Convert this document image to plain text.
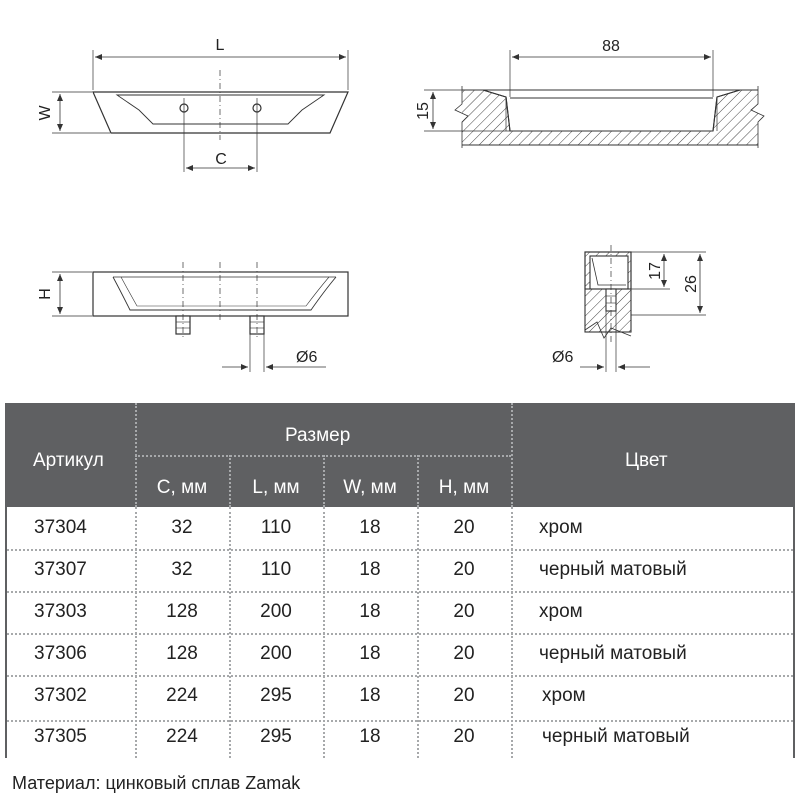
L
W
C
88
15
H
Ø6
17
26
Ø6
Артикул
Размер
Цвет
C, мм	L, мм	W, мм	H, мм
37304	32	110	18	20	хром
37307	32	110	18	20	черный матовый
37303	128	200	18	20	хром
37306	128	200	18	20	черный матовый
37302	224	295	18	20	хром
37305	224	295	18	20	черный матовый
Материал: цинковый сплав Zamak
